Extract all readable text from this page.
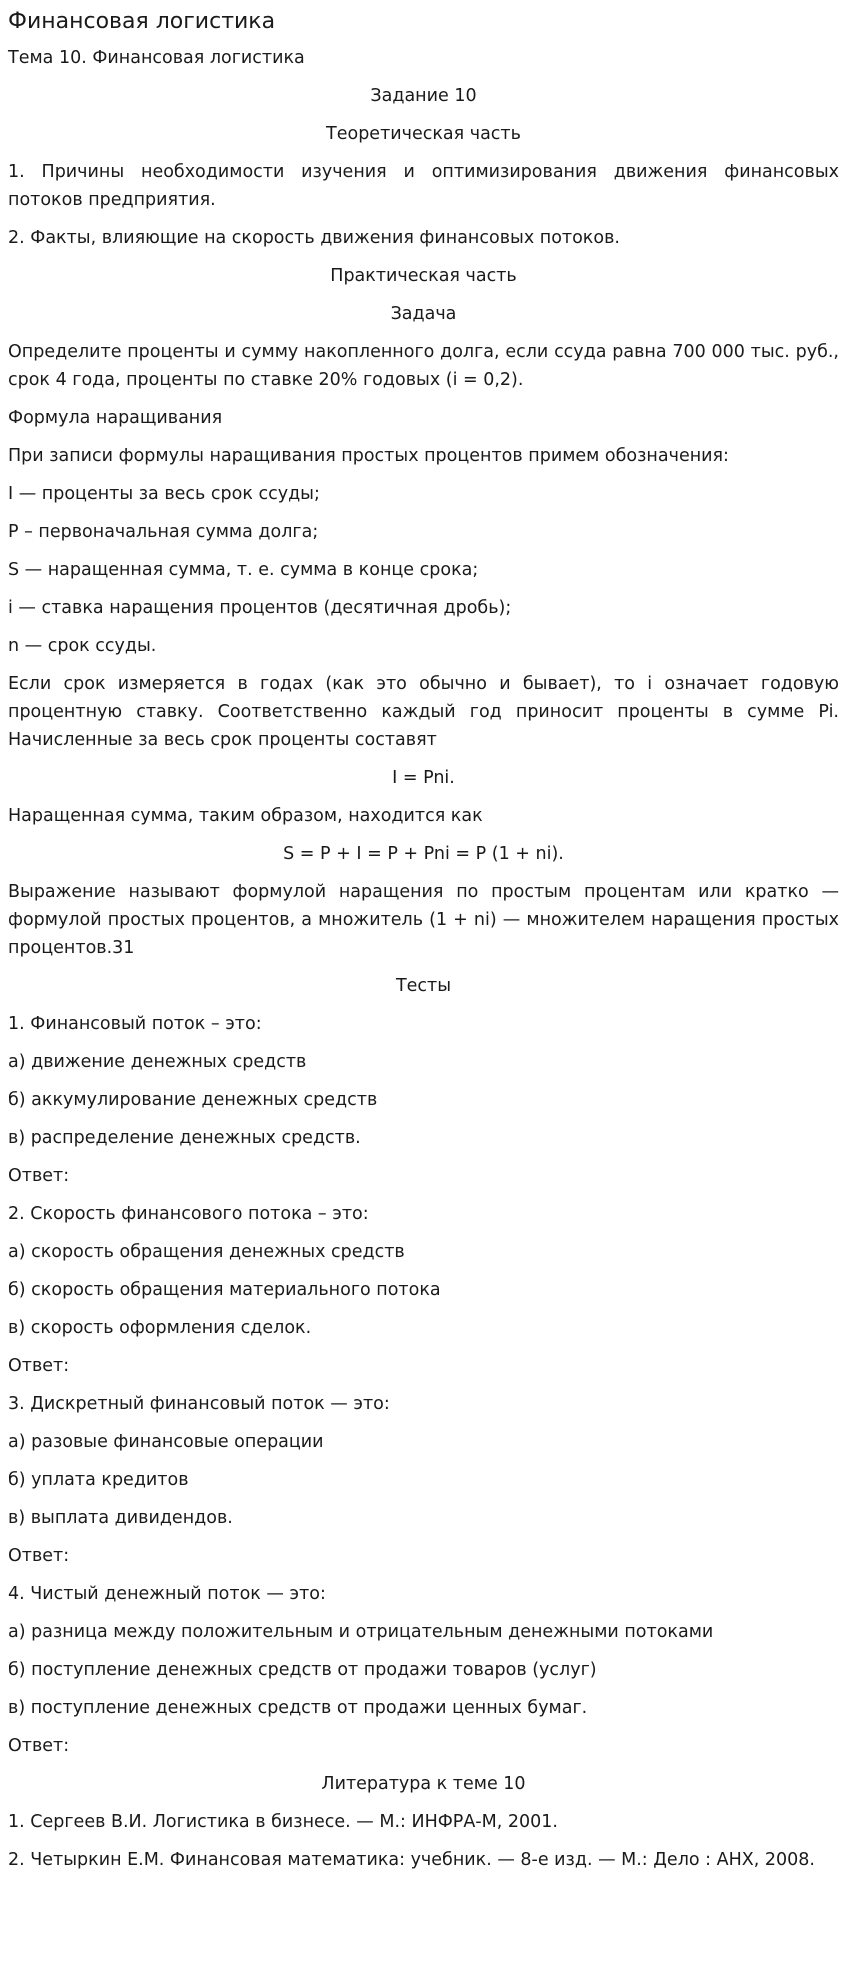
Финансовая логистика
Тема 10. Финансовая логистика
Задание 10
Теоретическая часть
1. Причины необходимости изучения и оптимизирования движения финансовых потоков предприятия.
2. Факты, влияющие на скорость движения финансовых потоков.
Практическая часть
Задача
Определите проценты и сумму накопленного долга, если ссуда равна 700 000 тыс. руб., срок 4 года, проценты по ставке 20% годовых (i = 0,2).
Формула наращивания
При записи формулы наращивания простых процентов примем обозначения:
I — проценты за весь срок ссуды;
P – первоначальная сумма долга;
S — наращенная сумма, т. е. сумма в конце срока;
i — ставка наращения процентов (десятичная дробь);
n — срок ссуды.
Если срок измеряется в годах (как это обычно и бывает), то i означает годовую процентную ставку. Соответственно каждый год приносит проценты в сумме Pi. Начисленные за весь срок проценты составят
I = Pni.
Наращенная сумма, таким образом, находится как
S = P + I = P + Pni = P (1 + ni).
Выражение называют формулой наращения по простым процентам или кратко — формулой простых процентов, а множитель (1 + ni) — множителем наращения простых процентов.31
Тесты
1. Финансовый поток – это:
а) движение денежных средств
б) аккумулирование денежных средств
в) распределение денежных средств.
Ответ:
2. Скорость финансового потока – это:
а) скорость обращения денежных средств
б) скорость обращения материального потока
в) скорость оформления сделок.
Ответ:
3. Дискретный финансовый поток — это:
а) разовые финансовые операции
б) уплата кредитов
в) выплата дивидендов.
Ответ:
4. Чистый денежный поток — это:
а) разница между положительным и отрицательным денежными потоками
б) поступление денежных средств от продажи товаров (услуг)
в) поступление денежных средств от продажи ценных бумаг.
Ответ:
Литература к теме 10
1. Сергеев В.И. Логистика в бизнесе. — М.: ИНФРА-М, 2001.
2. Четыркин Е.М. Финансовая математика: учебник. — 8-е изд. — М.: Дело : АНХ, 2008.
